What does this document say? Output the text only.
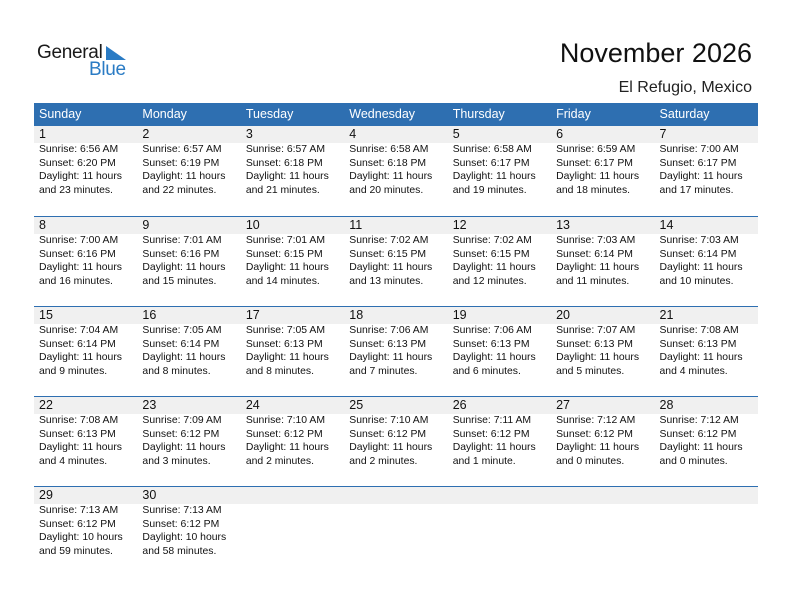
General
Blue
November 2026
El Refugio, Mexico
Sunday	Monday	Tuesday	Wednesday	Thursday	Friday	Saturday
1	2	3	4	5	6	7
Sunrise: 6:56 AM
Sunset: 6:20 PM
Daylight: 11 hours
and 23 minutes.
Sunrise: 6:57 AM
Sunset: 6:19 PM
Daylight: 11 hours
and 22 minutes.
Sunrise: 6:57 AM
Sunset: 6:18 PM
Daylight: 11 hours
and 21 minutes.
Sunrise: 6:58 AM
Sunset: 6:18 PM
Daylight: 11 hours
and 20 minutes.
Sunrise: 6:58 AM
Sunset: 6:17 PM
Daylight: 11 hours
and 19 minutes.
Sunrise: 6:59 AM
Sunset: 6:17 PM
Daylight: 11 hours
and 18 minutes.
Sunrise: 7:00 AM
Sunset: 6:17 PM
Daylight: 11 hours
and 17 minutes.
8	9	10	11	12	13	14
Sunrise: 7:00 AM
Sunset: 6:16 PM
Daylight: 11 hours
and 16 minutes.
Sunrise: 7:01 AM
Sunset: 6:16 PM
Daylight: 11 hours
and 15 minutes.
Sunrise: 7:01 AM
Sunset: 6:15 PM
Daylight: 11 hours
and 14 minutes.
Sunrise: 7:02 AM
Sunset: 6:15 PM
Daylight: 11 hours
and 13 minutes.
Sunrise: 7:02 AM
Sunset: 6:15 PM
Daylight: 11 hours
and 12 minutes.
Sunrise: 7:03 AM
Sunset: 6:14 PM
Daylight: 11 hours
and 11 minutes.
Sunrise: 7:03 AM
Sunset: 6:14 PM
Daylight: 11 hours
and 10 minutes.
15	16	17	18	19	20	21
Sunrise: 7:04 AM
Sunset: 6:14 PM
Daylight: 11 hours
and 9 minutes.
Sunrise: 7:05 AM
Sunset: 6:14 PM
Daylight: 11 hours
and 8 minutes.
Sunrise: 7:05 AM
Sunset: 6:13 PM
Daylight: 11 hours
and 8 minutes.
Sunrise: 7:06 AM
Sunset: 6:13 PM
Daylight: 11 hours
and 7 minutes.
Sunrise: 7:06 AM
Sunset: 6:13 PM
Daylight: 11 hours
and 6 minutes.
Sunrise: 7:07 AM
Sunset: 6:13 PM
Daylight: 11 hours
and 5 minutes.
Sunrise: 7:08 AM
Sunset: 6:13 PM
Daylight: 11 hours
and 4 minutes.
22	23	24	25	26	27	28
Sunrise: 7:08 AM
Sunset: 6:13 PM
Daylight: 11 hours
and 4 minutes.
Sunrise: 7:09 AM
Sunset: 6:12 PM
Daylight: 11 hours
and 3 minutes.
Sunrise: 7:10 AM
Sunset: 6:12 PM
Daylight: 11 hours
and 2 minutes.
Sunrise: 7:10 AM
Sunset: 6:12 PM
Daylight: 11 hours
and 2 minutes.
Sunrise: 7:11 AM
Sunset: 6:12 PM
Daylight: 11 hours
and 1 minute.
Sunrise: 7:12 AM
Sunset: 6:12 PM
Daylight: 11 hours
and 0 minutes.
Sunrise: 7:12 AM
Sunset: 6:12 PM
Daylight: 11 hours
and 0 minutes.
29	30
Sunrise: 7:13 AM
Sunset: 6:12 PM
Daylight: 10 hours
and 59 minutes.
Sunrise: 7:13 AM
Sunset: 6:12 PM
Daylight: 10 hours
and 58 minutes.
